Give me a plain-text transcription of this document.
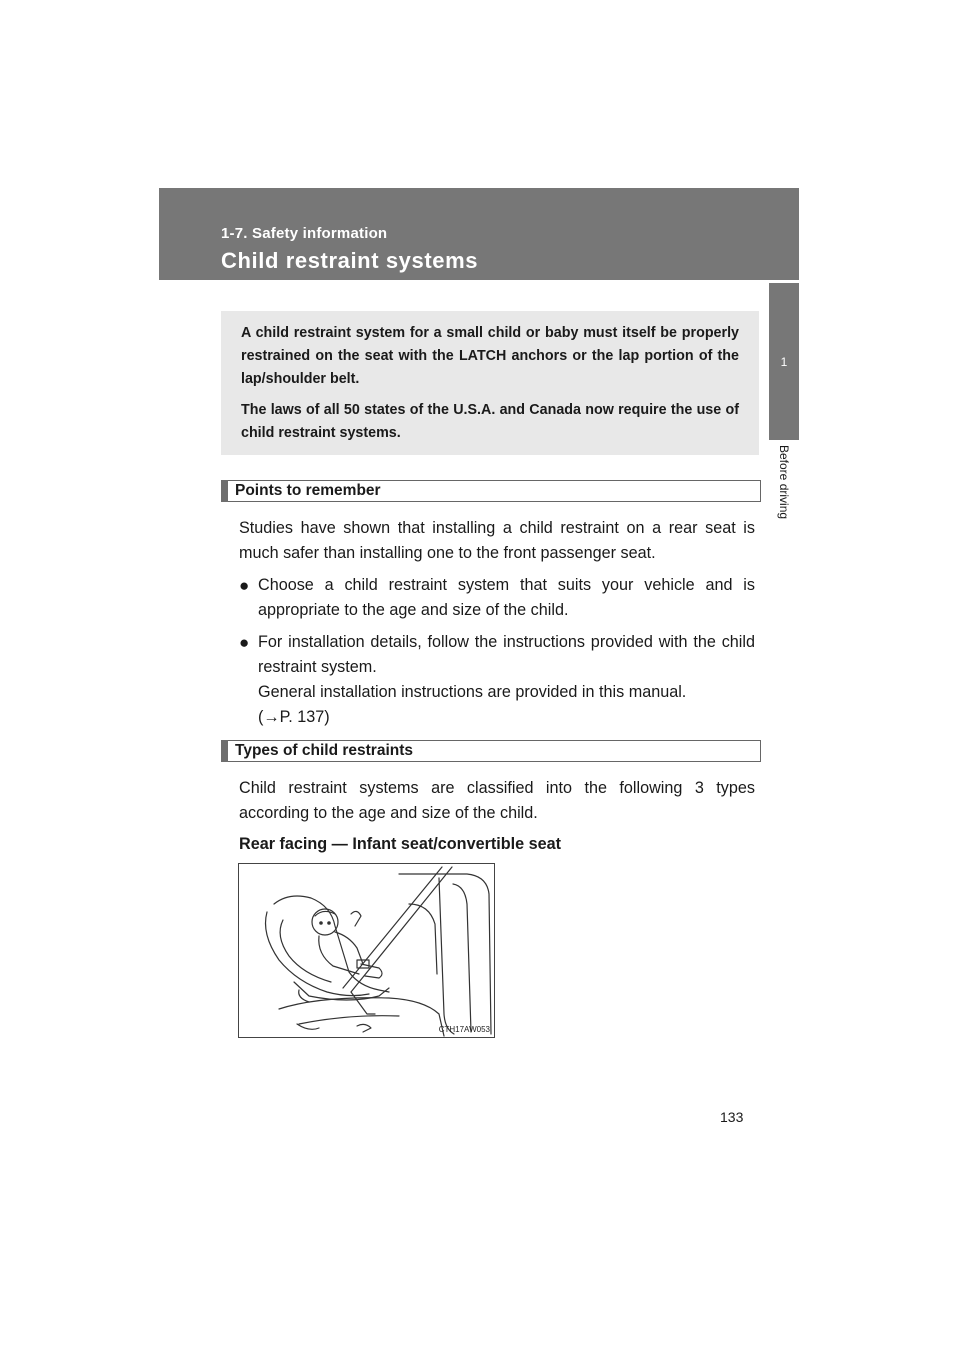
1-7. Safety information
Child restraint systems
1
Before driving

A child restraint system for a small child or baby must itself be properly restrained on the seat with the LATCH anchors or the lap portion of the lap/shoulder belt.

The laws of all 50 states of the U.S.A. and Canada now require the use of child restraint systems.

Points to remember

Studies have shown that installing a child restraint on a rear seat is much safer than installing one to the front passenger seat.

● Choose a child restraint system that suits your vehicle and is appropriate to the age and size of the child.
● For installation details, follow the instructions provided with the child restraint system.
General installation instructions are provided in this manual.
(→P. 137)
Types of child restraints

Child restraint systems are classified into the following 3 types according to the age and size of the child.

Rear facing — Infant seat/convertible seat
CTH17AW053
133
